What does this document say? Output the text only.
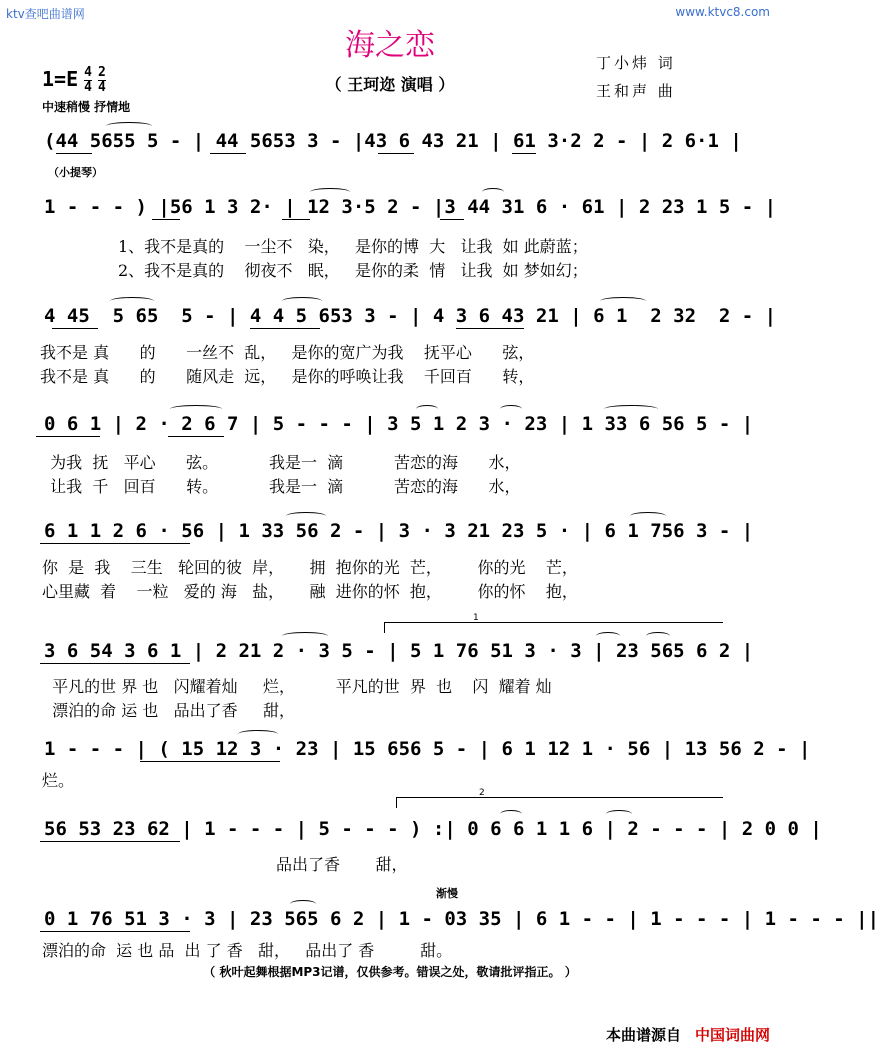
ktv查吧曲谱网	www.ktvc8.com
海之恋
（ 王珂迩 演唱 ）
丁小炜 词
王和声 曲
$1=E \frac{4}{4} \frac{2}{4}$
中速稍慢 抒情地
(44 5655 5 - | 44 5653 3 - |43 6 43 21 | 61 3·2 2 - | 2 6·1 |
（小提琴）
1 - - - ) |56 1 3 2· | 12 3·5 2 - |3 44 31 6 · 61 | 2 23 1 5 - |
1、我不是真的    一尘不   染，   是你的博  大   让我  如 此蔚蓝；
2、我不是真的    彻夜不   眠，   是你的柔  情   让我  如 梦如幻；
4 45  5 65  5 - | 4 4 5 653 3 - | 4 3 6 43 21 | 6 1  2 32  2 - |
我不是 真      的      一丝不  乱，   是你的宽广为我    抚平心      弦，
我不是 真      的      随风走  远，   是你的呼唤让我    千回百      转，
0 6 1 | 2 · 2 6 7 | 5 - - - | 3 5 1 2 3 · 23 | 1 33 6 56 5 - |
为我  抚   平心      弦。          我是一  滴          苦恋的海      水，
让我  千   回百      转。          我是一  滴          苦恋的海      水，
6 1 1 2 6 · 56 | 1 33 56 2 - | 3 · 3 21 23 5 · | 6 1 756 3 - |
你  是  我    三生   轮回的彼  岸，     拥  抱你的光  芒，       你的光    芒，
心里藏  着    一粒   爱的 海   盐，     融  进你的怀  抱，       你的怀    抱，
1
3 6 54 3 6 1 | 2 21 2 · 3 5 - | 5 1 76 51 3 · 3 | 23 565 6 2 |
平凡的世 界 也   闪耀着灿     烂，        平凡的世  界  也    闪  耀着 灿
漂泊的命 运 也   品出了香     甜，
1 - - - | ( 15 12 3 · 23 | 15 656 5 - | 6 1 12 1 · 56 | 13 56 2 - |
烂。
2
56 53 23 62 | 1 - - - | 5 - - - ) :| 0 6 6 1 1 6 | 2 - - - | 2 0 0 |
品出了香       甜，
渐慢
0 1 76 51 3 · 3 | 23 565 6 2 | 1 - 03 35 | 6 1 - - | 1 - - - | 1 - - - ||
漂泊的命  运 也 品  出 了 香   甜，   品出了 香         甜。
（ 秋叶起舞根据MP3记谱，仅供参考。错误之处，敬请批评指正。 ）
本曲谱源自 中国词曲网
